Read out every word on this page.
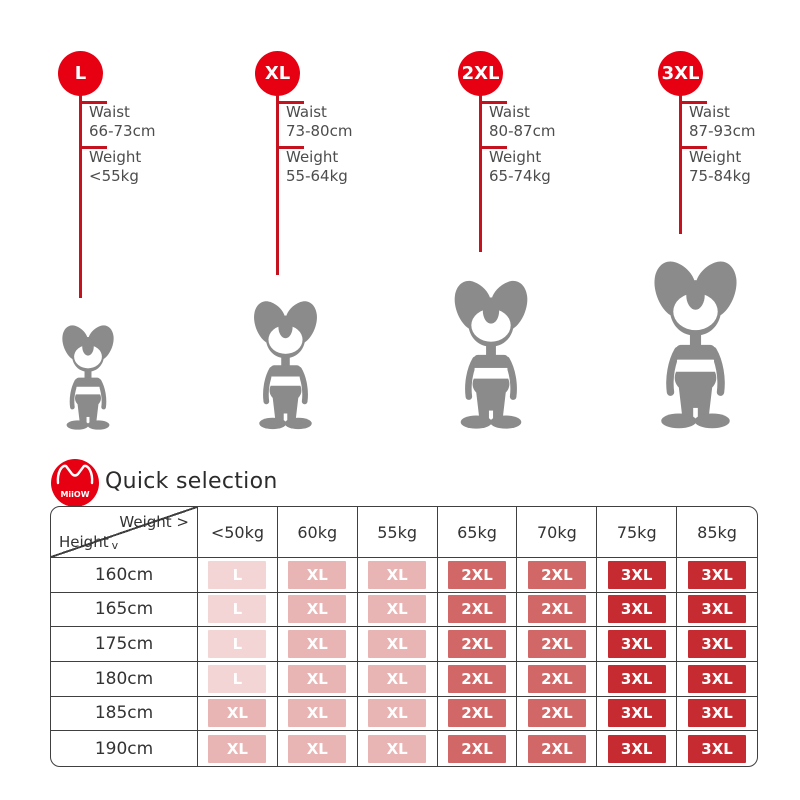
L
Waist
66-73cm
Weight
<55kg
XL
Waist
73-80cm
Weight
55-64kg
2XL
Waist
80-87cm
Weight
65-74kg
3XL
Waist
87-93cm
Weight
75-84kg
MiiOW
Quick selection
Weight >
Height v
<50kg	60kg	55kg	65kg	70kg	75kg	85kg
160cm	L	XL	XL	2XL	2XL	3XL	3XL
165cm	L	XL	XL	2XL	2XL	3XL	3XL
175cm	L	XL	XL	2XL	2XL	3XL	3XL
180cm	L	XL	XL	2XL	2XL	3XL	3XL
185cm	XL	XL	XL	2XL	2XL	3XL	3XL
190cm	XL	XL	XL	2XL	2XL	3XL	3XL
